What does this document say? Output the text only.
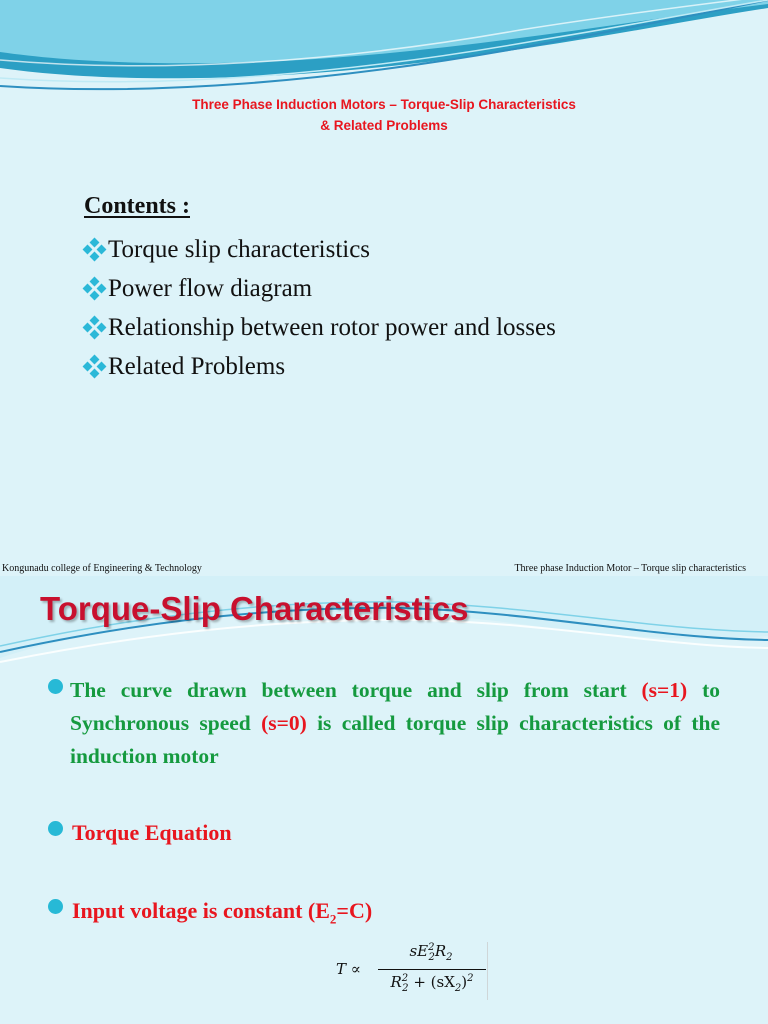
Three Phase Induction Motors – Torque-Slip Characteristics
& Related Problems
Contents :
Torque slip characteristics
Power flow diagram
Relationship between rotor power and losses
Related Problems
Kongunadu college of Engineering & Technology	Three phase Induction Motor – Torque slip characteristics
Torque-Slip Characteristics
The curve drawn between torque and slip from start (s=1) to Synchronous speed (s=0) is called torque slip characteristics of the induction motor
Torque Equation
Input voltage is constant $(E_2=C)$
T ∝
$sE^2_2R_2$
$R^2_2 + (sX_2)^2$
